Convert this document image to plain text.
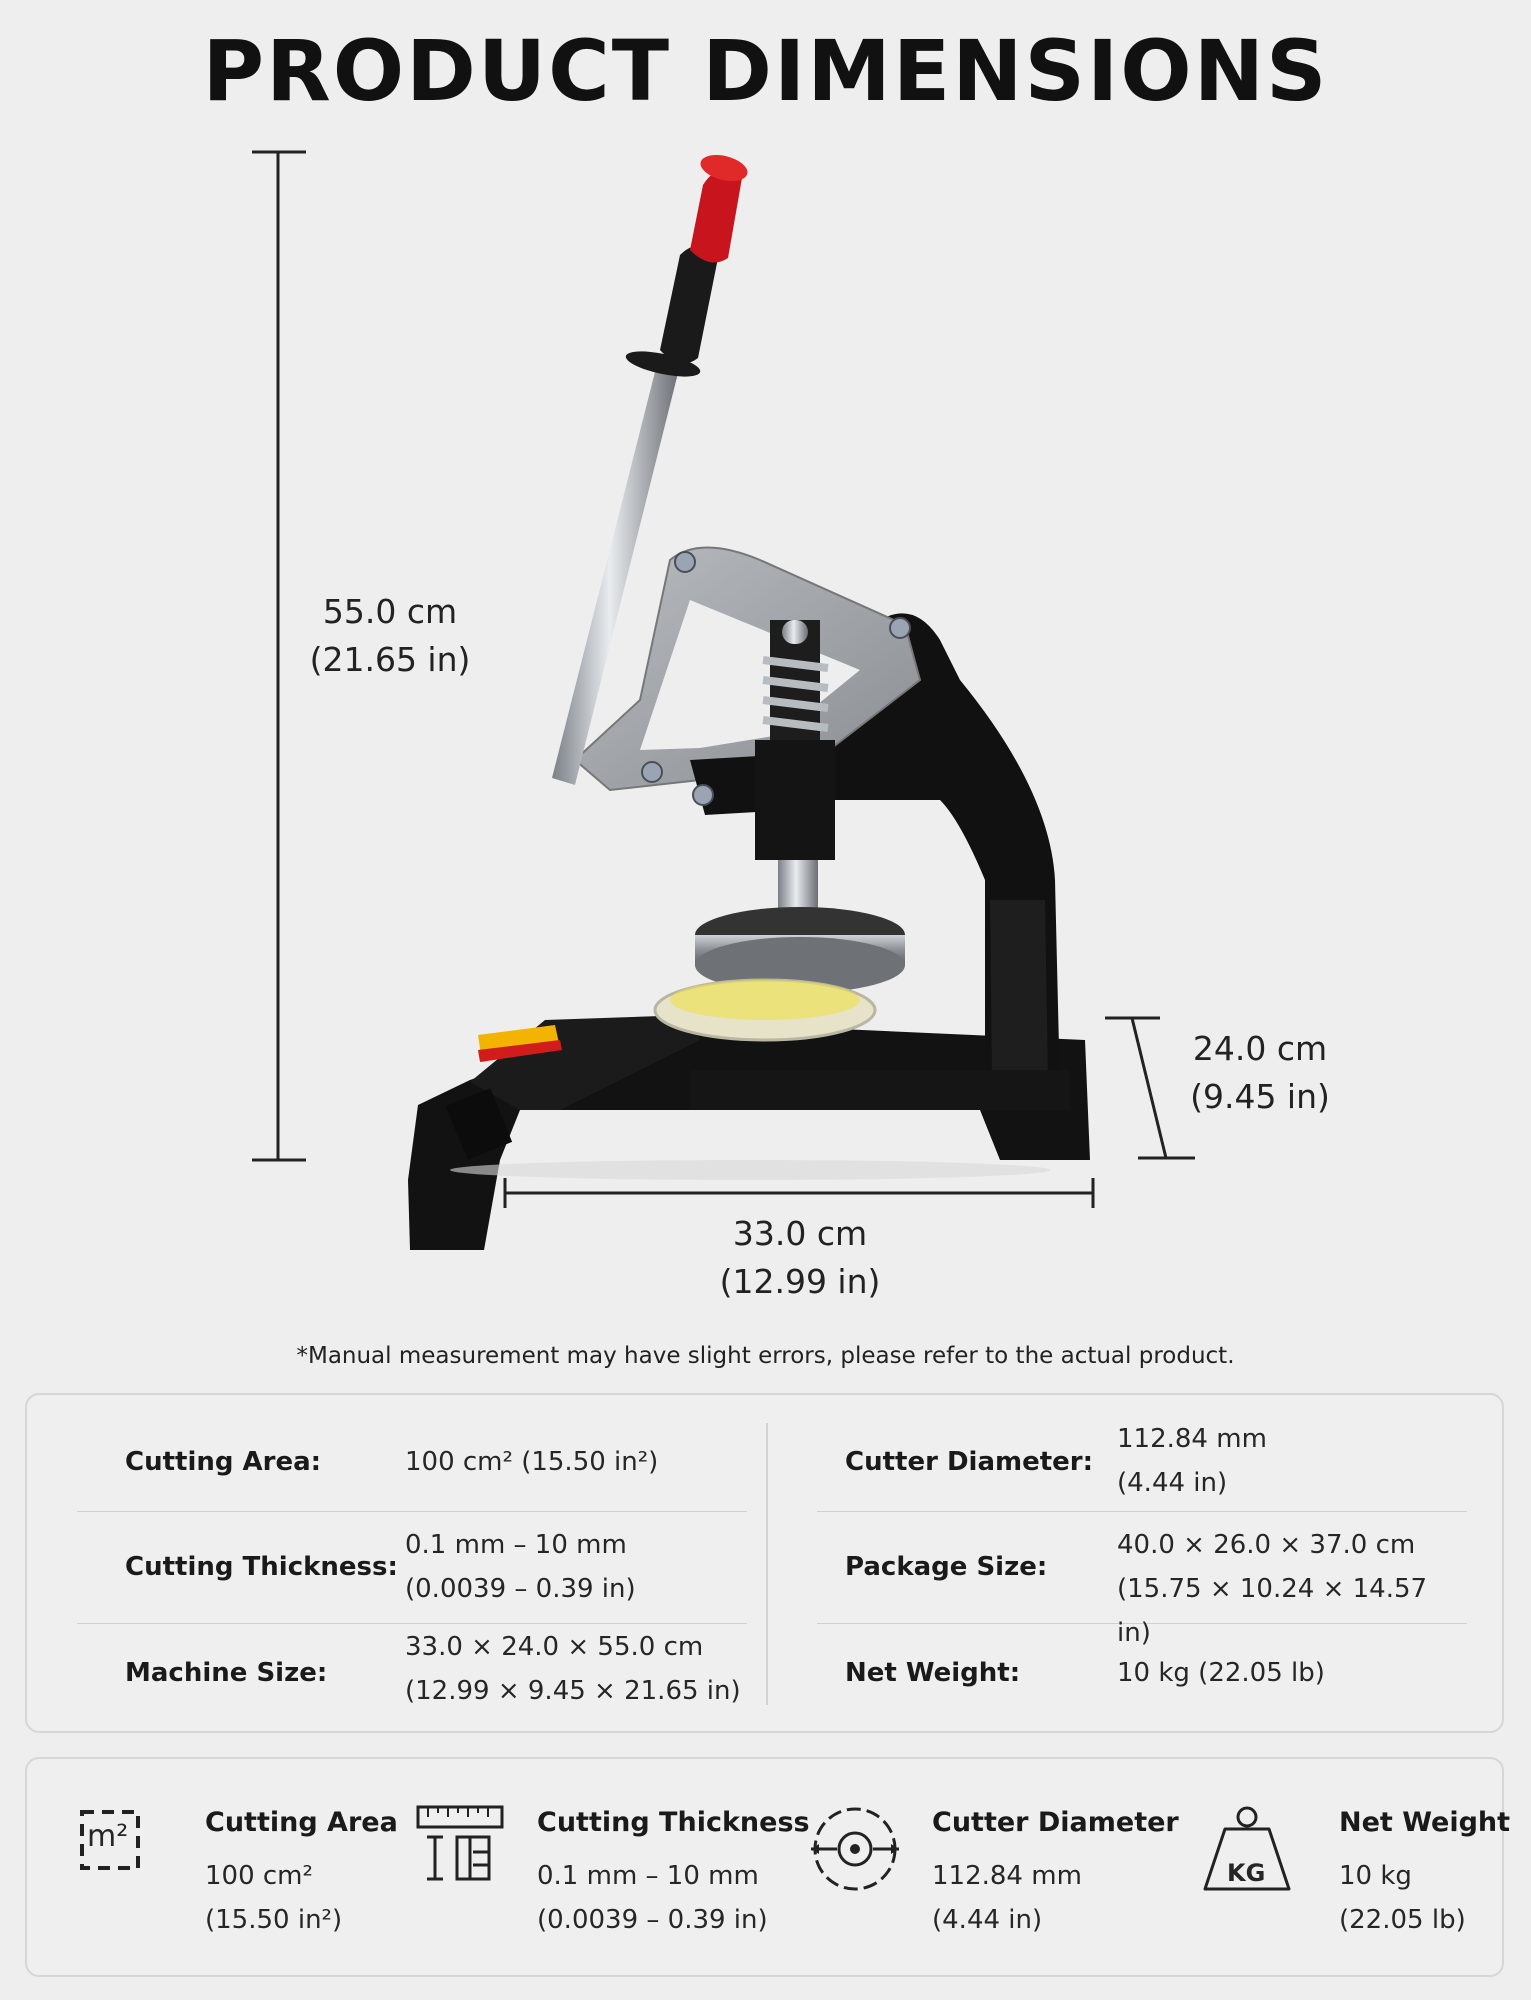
PRODUCT DIMENSIONS
55.0 cm
(21.65 in)
24.0 cm
(9.45 in)
33.0 cm
(12.99 in)
*Manual measurement may have slight errors, please refer to the actual product.
Cutting Area:	100 cm² (15.50 in²)
Cutting Thickness:
0.1 mm – 10 mm
(0.0039 – 0.39 in)
Machine Size:
33.0 × 24.0 × 55.0 cm
(12.99 × 9.45 × 21.65 in)
Cutter Diameter:
112.84 mm
(4.44 in)
Package Size:
40.0 × 26.0 × 37.0 cm
(15.75 × 10.24 × 14.57 in)
Net Weight:	10 kg (22.05 lb)
m²	Cutting Area
100 cm²
(15.50 in²)
Cutting Thickness
0.1 mm – 10 mm
(0.0039 – 0.39 in)
Cutter Diameter
112.84 mm
(4.44 in)
KG
Net Weight
10 kg
(22.05 lb)
